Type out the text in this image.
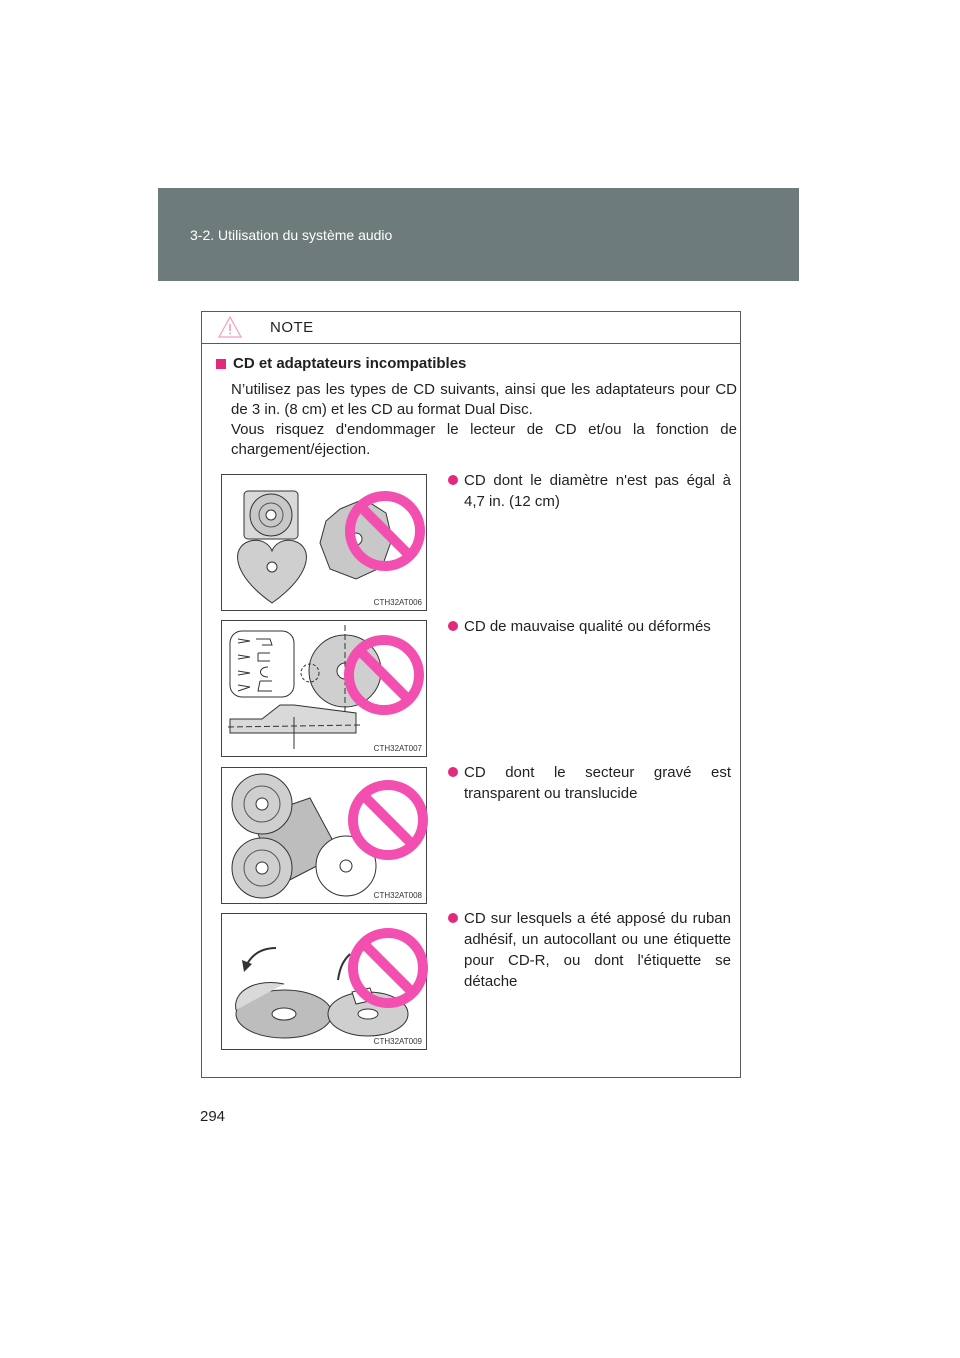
3-2. Utilisation du système audio
NOTE
CD et adaptateurs incompatibles
N’utilisez pas les types de CD suivants, ainsi que les adaptateurs pour CD de 3 in. (8 cm) et les CD au format Dual Disc.
Vous risquez d'endommager le lecteur de CD et/ou la fonction de chargement/éjection.
CTH32AT006
CD dont le diamètre n'est pas égal à 4,7 in. (12 cm)
CTH32AT007
CD de mauvaise qualité ou déformés
CTH32AT008
CD dont le secteur gravé est transparent ou translucide
CTH32AT009
CD sur lesquels a été apposé du ruban adhésif, un autocollant ou une étiquette pour CD-R, ou dont l'étiquette se détache
294
